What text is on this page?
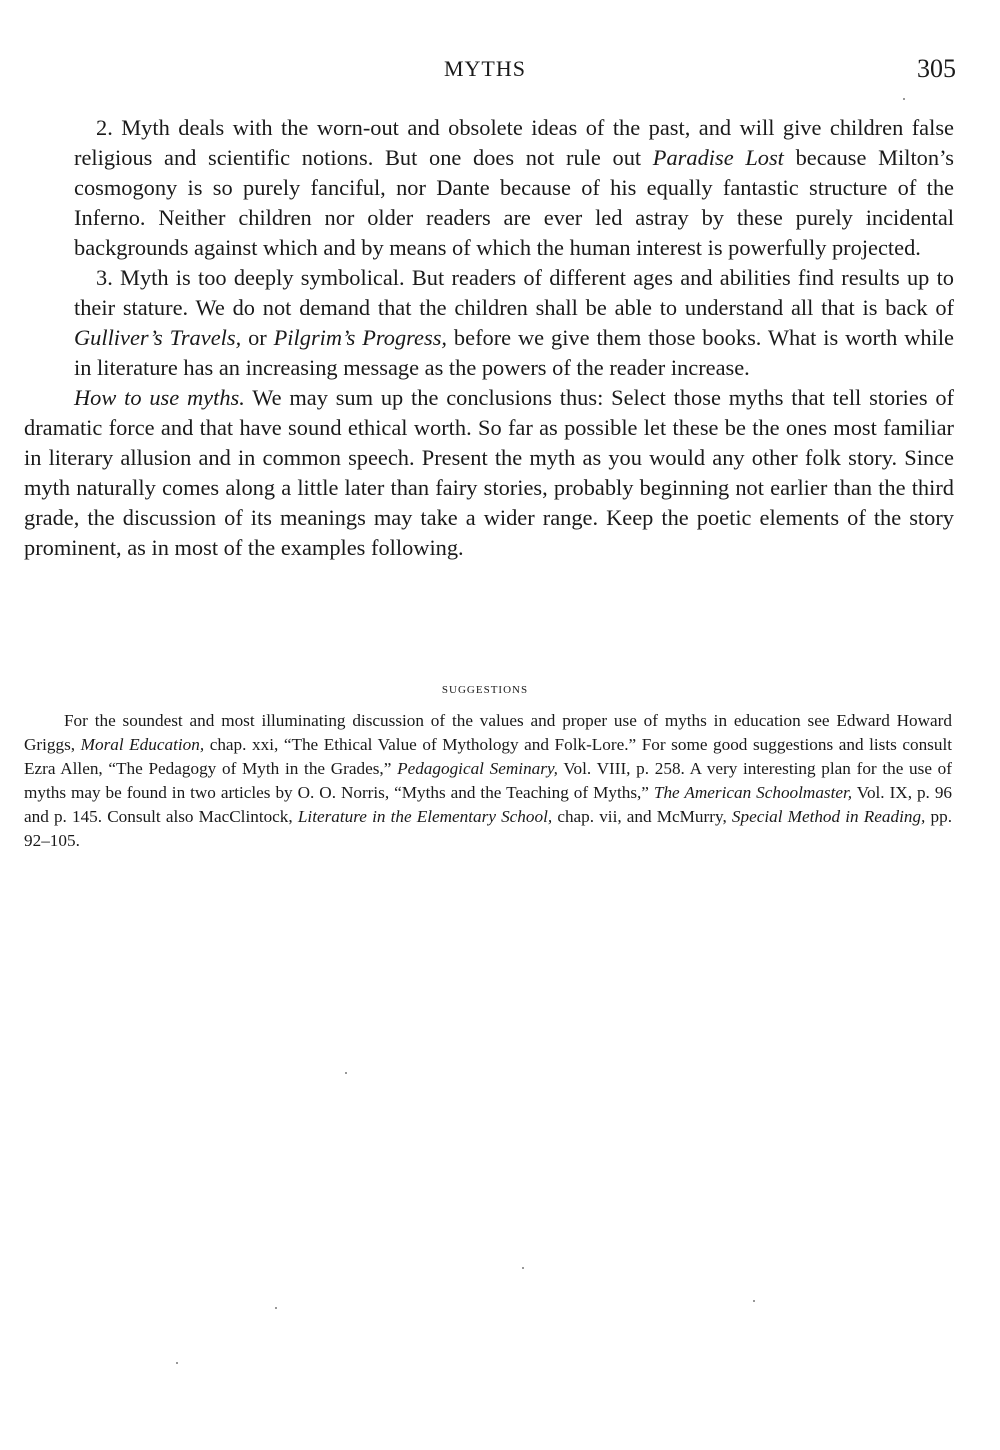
MYTHS	305

2. Myth deals with the worn-out and obsolete ideas of the past, and will give children false religious and scientific notions. But one does not rule out Paradise Lost because Milton’s cosmogony is so purely fanciful, nor Dante because of his equally fantastic structure of the Inferno. Neither children nor older readers are ever led astray by these purely incidental backgrounds against which and by means of which the human interest is powerfully projected.

3. Myth is too deeply symbolical. But readers of different ages and abilities find results up to their stature. We do not demand that the children shall be able to understand all that is back of Gulliver’s Travels, or Pilgrim’s Progress, before we give them those books. What is worth while in literature has an increasing message as the powers of the reader increase.

How to use myths. We may sum up the conclusions thus: Select those myths that tell stories of dramatic force and that have sound ethical worth. So far as possible let these be the ones most familiar in literary allusion and in common speech. Present the myth as you would any other folk story. Since myth naturally comes along a little later than fairy stories, probably beginning not earlier than the third grade, the discussion of its meanings may take a wider range. Keep the poetic elements of the story prominent, as in most of the examples following.

SUGGESTIONS

For the soundest and most illuminating discussion of the values and proper use of myths in education see Edward Howard Griggs, Moral Education, chap. xxi, “The Ethical Value of Mythology and Folk-Lore.” For some good suggestions and lists consult Ezra Allen, “The Pedagogy of Myth in the Grades,” Pedagogical Seminary, Vol. VIII, p. 258. A very interesting plan for the use of myths may be found in two articles by O. O. Norris, “Myths and the Teaching of Myths,” The American Schoolmaster, Vol. IX, p. 96 and p. 145. Consult also MacClintock, Literature in the Elementary School, chap. vii, and McMurry, Special Method in Reading, pp. 92–105.
